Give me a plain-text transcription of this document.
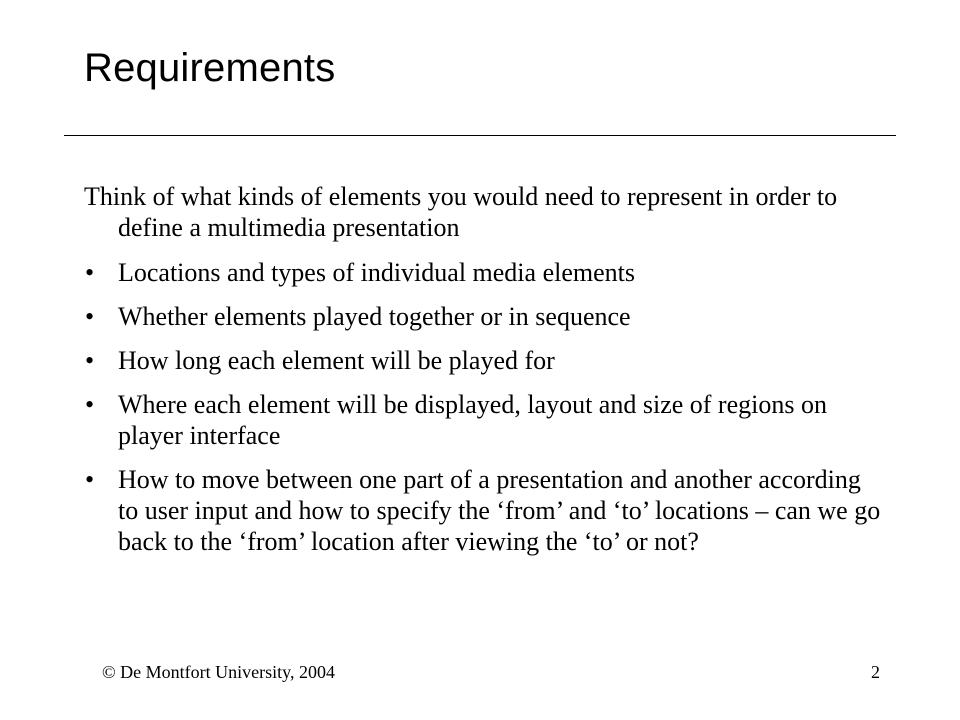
Requirements

Think of what kinds of elements you would need to represent in order to define a multimedia presentation

• Locations and types of individual media elements
• Whether elements played together or in sequence
• How long each element will be played for
• Where each element will be displayed, layout and size of regions on player interface
• How to move between one part of a presentation and another according to user input and how to specify the ‘from’ and ‘to’ locations – can we go back to the ‘from’ location after viewing the ‘to’ or not?
© De Montfort University, 2004	2
